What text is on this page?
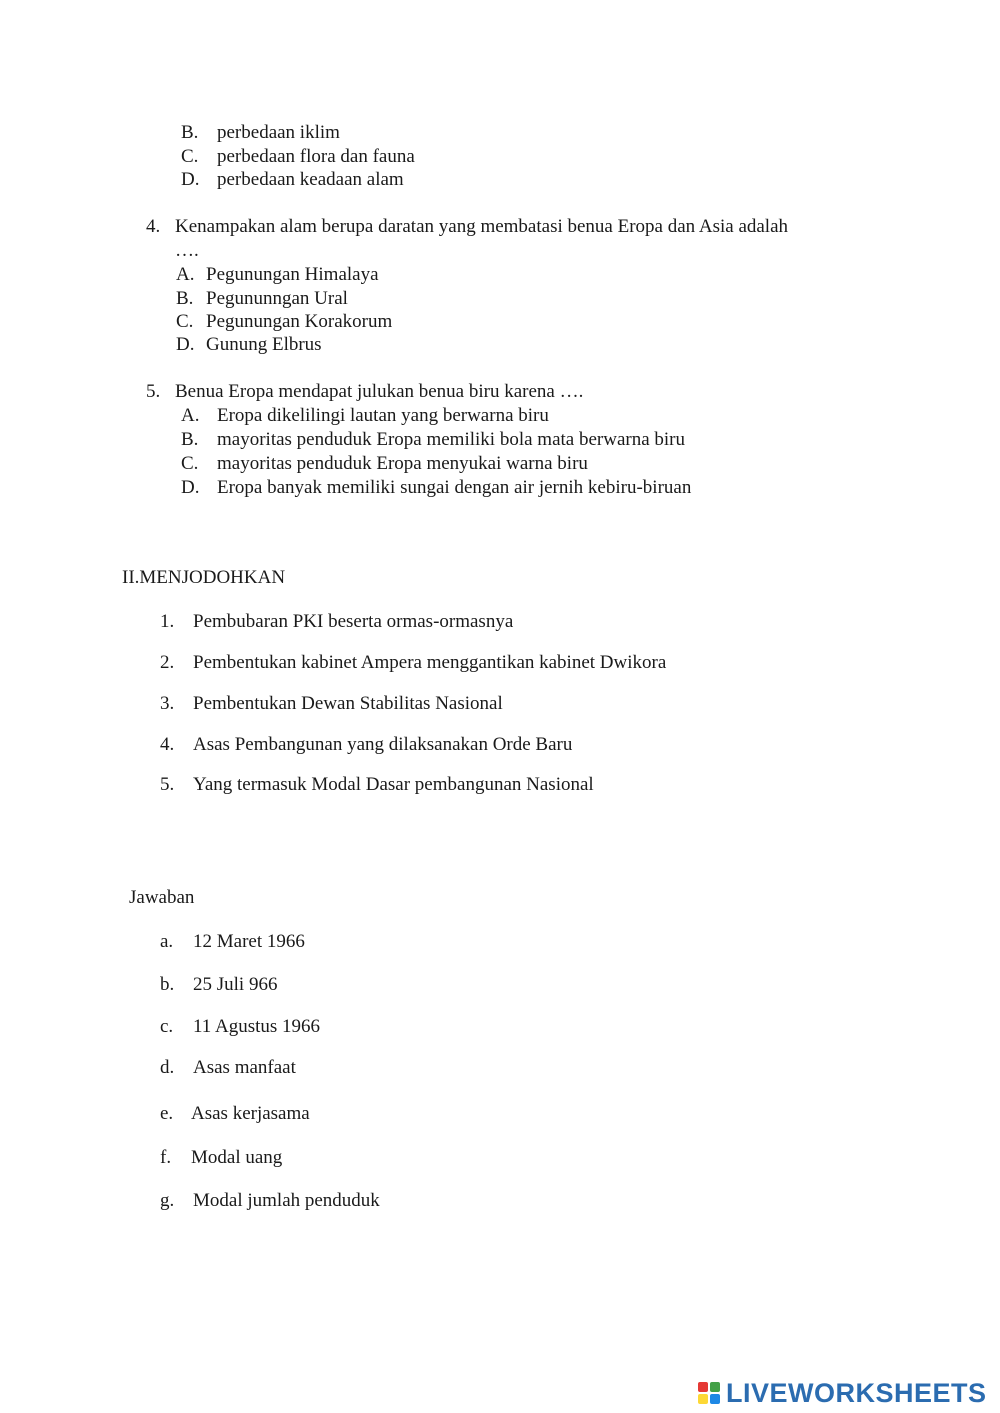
B. perbedaan iklim
C. perbedaan flora dan fauna
D. perbedaan keadaan alam
4. Kenampakan alam berupa daratan yang membatasi benua Eropa dan Asia adalah
….
A. Pegunungan Himalaya
B. Pegununngan Ural
C. Pegunungan Korakorum
D. Gunung Elbrus
5. Benua Eropa mendapat julukan benua biru karena ….
A. Eropa dikelilingi lautan yang berwarna biru
B. mayoritas penduduk Eropa memiliki bola mata berwarna biru
C. mayoritas penduduk Eropa menyukai warna biru
D. Eropa banyak memiliki sungai dengan air jernih kebiru-biruan
II.MENJODOHKAN
1. Pembubaran PKI beserta ormas-ormasnya
2. Pembentukan kabinet Ampera menggantikan kabinet Dwikora
3. Pembentukan Dewan Stabilitas Nasional
4. Asas Pembangunan yang dilaksanakan Orde Baru
5. Yang termasuk Modal Dasar pembangunan Nasional
Jawaban
a. 12 Maret 1966
b. 25 Juli 966
c. 11 Agustus 1966
d. Asas manfaat
e. Asas kerjasama
f. Modal uang
g. Modal jumlah penduduk
LIVEWORKSHEETS
